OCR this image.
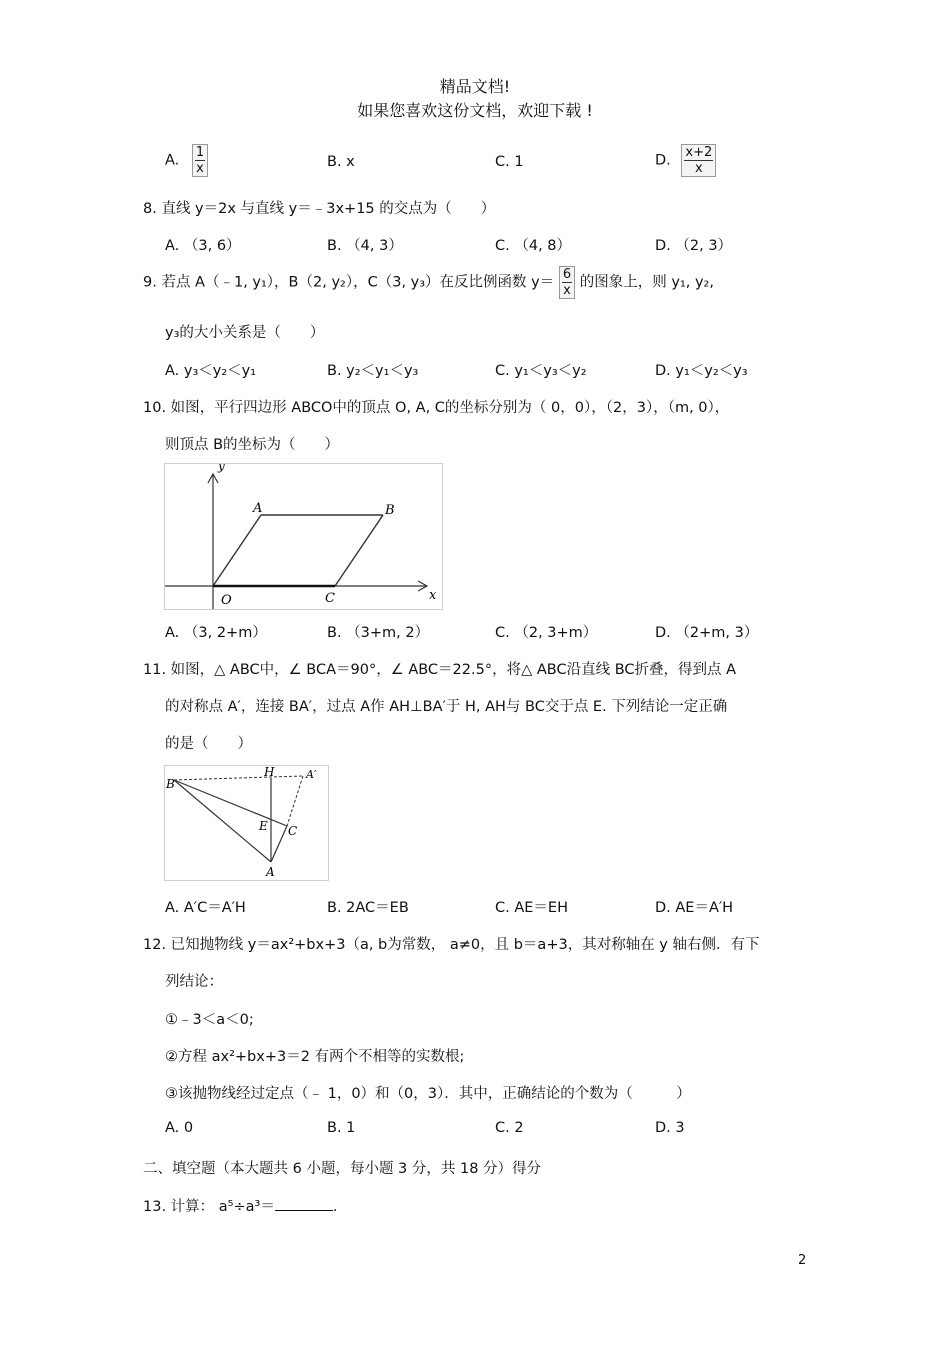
精品文档!
如果您喜欢这份文档，欢迎下载 !
A. $\frac{1}{x}$	B. x	C. 1	D. $\frac{x+2}{x}$
8. 直线 y＝2x 与直线 y＝﹣3x+15 的交点为（　　）
A. （3, 6）	B. （4, 3）	C. （4, 8）	D. （2, 3）
9. 若点 A（﹣1, y₁），B（2, y₂），C（3, y₃）在反比例函数 $y= \frac{6}{x}$ 的图象上，则 y₁, y₂,
y₃的大小关系是（　　）
A. y₃＜y₂＜y₁	B. y₂＜y₁＜y₃	C. y₁＜y₃＜y₂	D. y₁＜y₂＜y₃
10. 如图，平行四边形 ABCO中的顶点 O, A, C的坐标分别为（ 0，0），（2，3），（m, 0），
则顶点 B的坐标为（　　）
y
x
A	B
O	C
A. （3, 2+m）	B. （3+m, 2）	C. （2, 3+m）	D. （2+m, 3）
11. 如图，△ ABC中，∠ BCA＝90°，∠ ABC＝22.5°，将△ ABC沿直线 BC折叠，得到点 A
的对称点 A′，连接 BA′，过点 A作 AH⊥BA′于 H, AH与 BC交于点 E. 下列结论一定正确
的是（　　）
B
H	A′
E C
A
A. A′C＝A′H	B. 2AC＝EB	C. AE＝EH	D. AE＝A′H
12. 已知抛物线 y＝ax²+bx+3（a, b为常数， a≠0，且 b＝a+3，其对称轴在 y 轴右侧．有下
列结论：
①﹣3＜a＜0;
②方程 ax²+bx+3＝2 有两个不相等的实数根;
③该抛物线经过定点（﹣ 1，0）和（0，3）．其中，正确结论的个数为（　　　）
A. 0	B. 1	C. 2	D. 3
二、填空题（本大题共 6 小题，每小题 3 分，共 18 分）得分
13. 计算： a⁵÷a³＝	.
2
